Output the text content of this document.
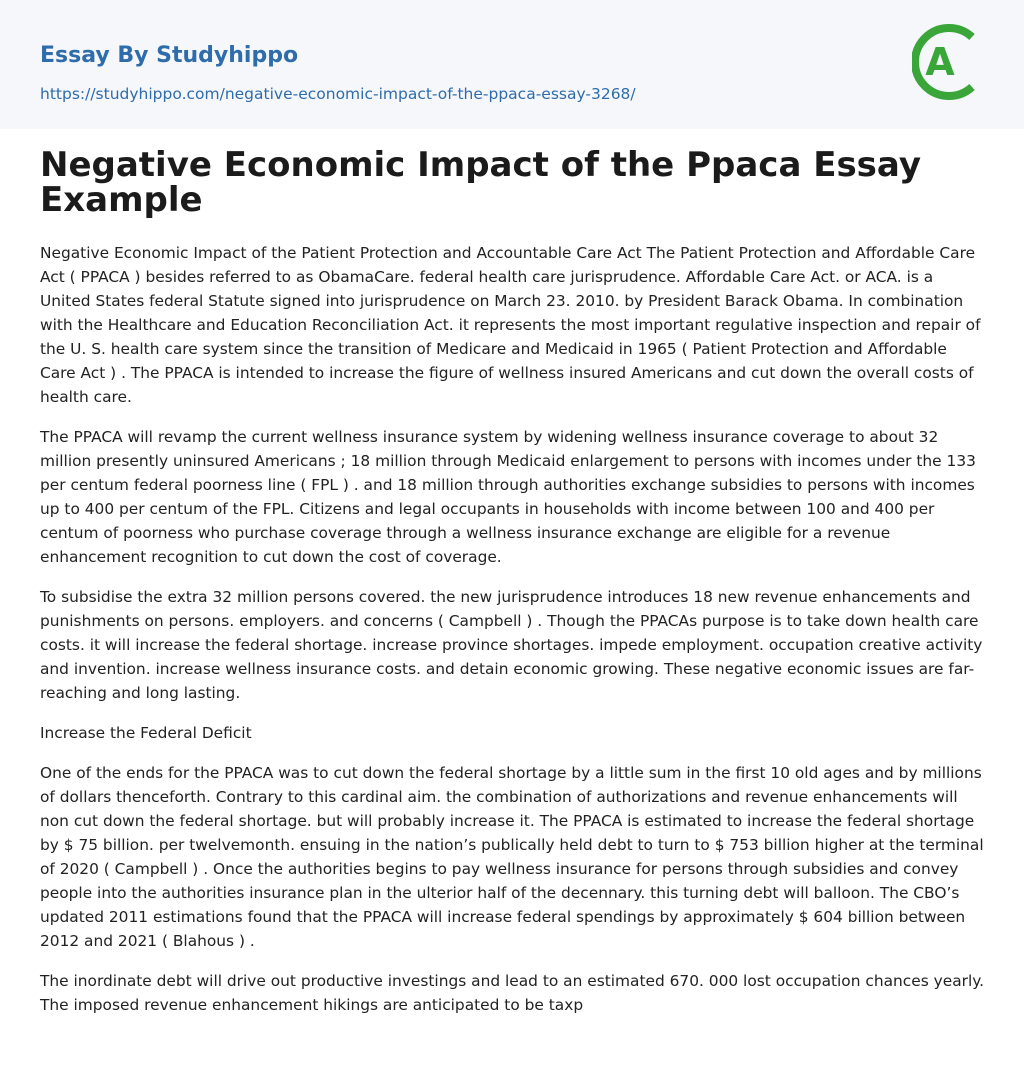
Essay By Studyhippo
https://studyhippo.com/negative-economic-impact-of-the-ppaca-essay-3268/
A
Negative Economic Impact of the Ppaca Essay Example

Negative Economic Impact of the Patient Protection and Accountable Care Act The Patient Protection and Affordable Care Act ( PPACA ) besides referred to as ObamaCare. federal health care jurisprudence. Affordable Care Act. or ACA. is a United States federal Statute signed into jurisprudence on March 23. 2010. by President Barack Obama. In combination with the Healthcare and Education Reconciliation Act. it represents the most important regulative inspection and repair of the U. S. health care system since the transition of Medicare and Medicaid in 1965 ( Patient Protection and Affordable Care Act ) . The PPACA is intended to increase the figure of wellness insured Americans and cut down the overall costs of health care.

The PPACA will revamp the current wellness insurance system by widening wellness insurance coverage to about 32 million presently uninsured Americans ; 18 million through Medicaid enlargement to persons with incomes under the 133 per centum federal poorness line ( FPL ) . and 18 million through authorities exchange subsidies to persons with incomes up to 400 per centum of the FPL. Citizens and legal occupants in households with income between 100 and 400 per centum of poorness who purchase coverage through a wellness insurance exchange are eligible for a revenue enhancement recognition to cut down the cost of coverage.

To subsidise the extra 32 million persons covered. the new jurisprudence introduces 18 new revenue enhancements and punishments on persons. employers. and concerns ( Campbell ) . Though the PPACAs purpose is to take down health care costs. it will increase the federal shortage. increase province shortages. impede employment. occupation creative activity and invention. increase wellness insurance costs. and detain economic growing. These negative economic issues are far-reaching and long lasting.

Increase the Federal Deficit

One of the ends for the PPACA was to cut down the federal shortage by a little sum in the first 10 old ages and by millions of dollars thenceforth. Contrary to this cardinal aim. the combination of authorizations and revenue enhancements will non cut down the federal shortage. but will probably increase it. The PPACA is estimated to increase the federal shortage by $ 75 billion. per twelvemonth. ensuing in the nation’s publically held debt to turn to $ 753 billion higher at the terminal of 2020 ( Campbell ) . Once the authorities begins to pay wellness insurance for persons through subsidies and convey people into the authorities insurance plan in the ulterior half of the decennary. this turning debt will balloon. The CBO’s updated 2011 estimations found that the PPACA will increase federal spendings by approximately $ 604 billion between 2012 and 2021 ( Blahous ) .

The inordinate debt will drive out productive investings and lead to an estimated 670. 000 lost occupation chances yearly. The imposed revenue enhancement hikings are anticipated to be taxp
